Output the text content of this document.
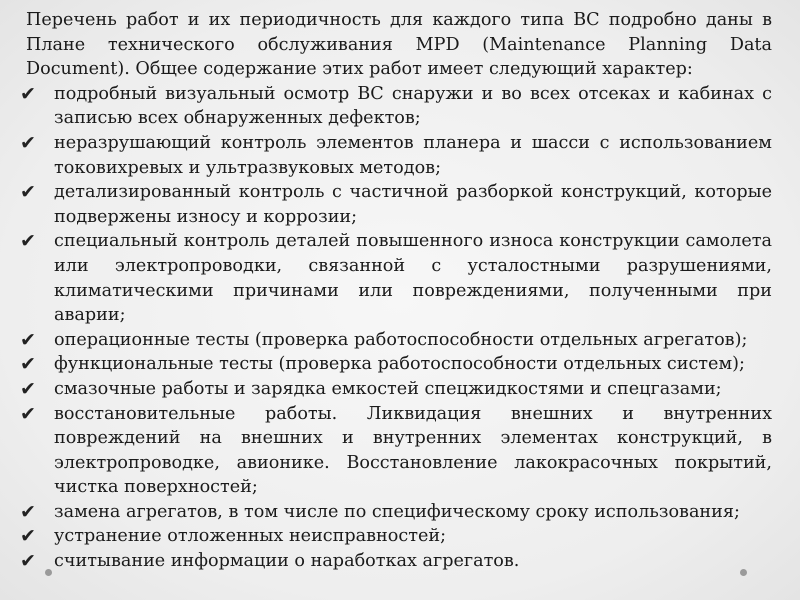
Перечень работ и их периодичность для каждого типа ВС подробно даны в Плане технического обслуживания MPD (Maintenance Planning Data Document). Общее содержание этих работ имеет следующий характер:

✔	подробный визуальный осмотр ВС снаружи и во всех отсеках и кабинах с записью всех обнаруженных дефектов;
✔	неразрушающий контроль элементов планера и шасси с использованием токовихревых и ультразвуковых методов;
✔	детализированный контроль с частичной разборкой конструкций, которые подвержены износу и коррозии;
✔	специальный контроль деталей повышенного износа конструкции самолета или электропроводки, связанной с усталостными разрушениями, климатическими причинами или повреждениями, полученными при аварии;
✔	операционные тесты (проверка работоспособности отдельных агрегатов);
✔	функциональные тесты (проверка работоспособности отдельных систем);
✔	смазочные работы и зарядка емкостей спецжидкостями и спецгазами;
✔	восстановительные работы. Ликвидация внешних и внутренних повреждений на внешних и внутренних элементах конструкций, в электропроводке, авионике. Восстановление лакокрасочных покрытий, чистка поверхностей;
✔	замена агрегатов, в том числе по специфическому сроку использования;
✔	устранение отложенных неисправностей;
✔	считывание информации о наработках агрегатов.
